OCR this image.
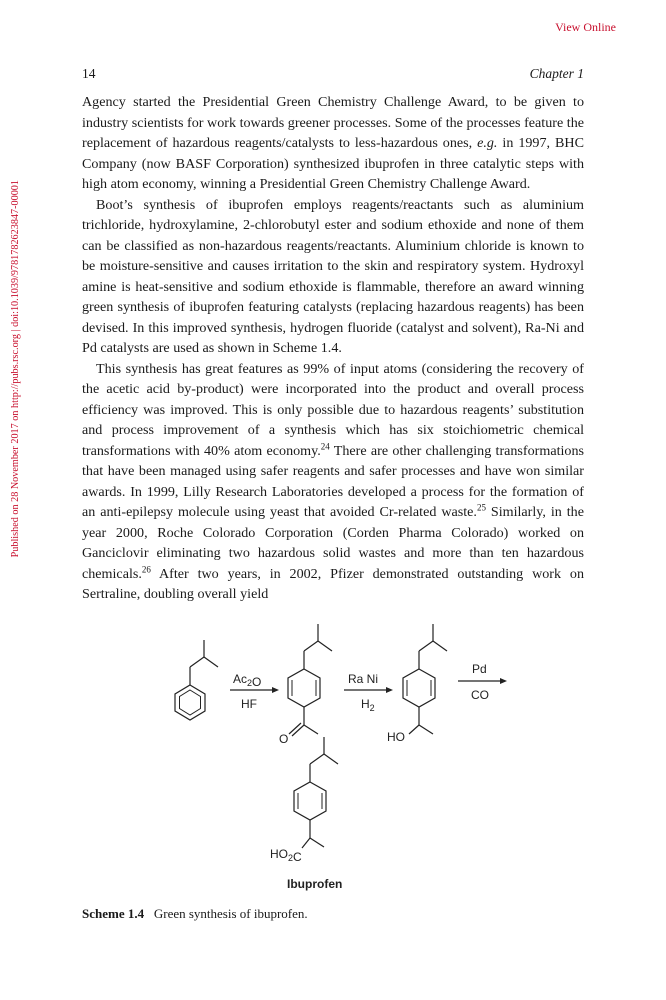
View Online
Published on 28 November 2017 on http://pubs.rsc.org | doi:10.1039/9781782623847-00001
14	Chapter 1

Agency started the Presidential Green Chemistry Challenge Award, to be given to industry scientists for work towards greener processes. Some of the processes feature the replacement of hazardous reagents/catalysts to less-hazardous ones, e.g. in 1997, BHC Company (now BASF Corporation) synthesized ibuprofen in three catalytic steps with high atom economy, winning a Presidential Green Chemistry Challenge Award.

Boot’s synthesis of ibuprofen employs reagents/reactants such as aluminium trichloride, hydroxylamine, 2-chlorobutyl ester and sodium ethoxide and none of them can be classified as non-hazardous reagents/reactants. Aluminium chloride is known to be moisture-sensitive and causes irritation to the skin and respiratory system. Hydroxyl amine is heat-sensitive and sodium ethoxide is flammable, therefore an award winning green synthesis of ibuprofen featuring catalysts (replacing hazardous reagents) has been devised. In this improved synthesis, hydrogen fluoride (catalyst and solvent), Ra-Ni and Pd catalysts are used as shown in Scheme 1.4.

This synthesis has great features as 99% of input atoms (considering the recovery of the acetic acid by-product) were incorporated into the product and overall process efficiency was improved. This is only possible due to hazardous reagents’ substitution and process improvement of a synthesis which has six stoichiometric chemical transformations with 40% atom economy.$^{24}$ There are other challenging transformations that have been managed using safer reagents and safer processes and have won similar awards. In 1999, Lilly Research Laboratories developed a process for the formation of an anti-epilepsy molecule using yeast that avoided Cr-related waste.$^{25}$ Similarly, in the year 2000, Roche Colorado Corporation (Corden Pharma Colorado) worked on Ganciclovir eliminating two hazardous solid wastes and more than ten hazardous chemicals.$^{26}$ After two years, in 2002, Pfizer demonstrated outstanding work on Sertraline, doubling overall yield

$Ac_2O$
HF
Ra Ni
$H_2$
Pd
CO
O	HO
$HO_2C$
Ibuprofen
Scheme 1.4 Green synthesis of ibuprofen.
